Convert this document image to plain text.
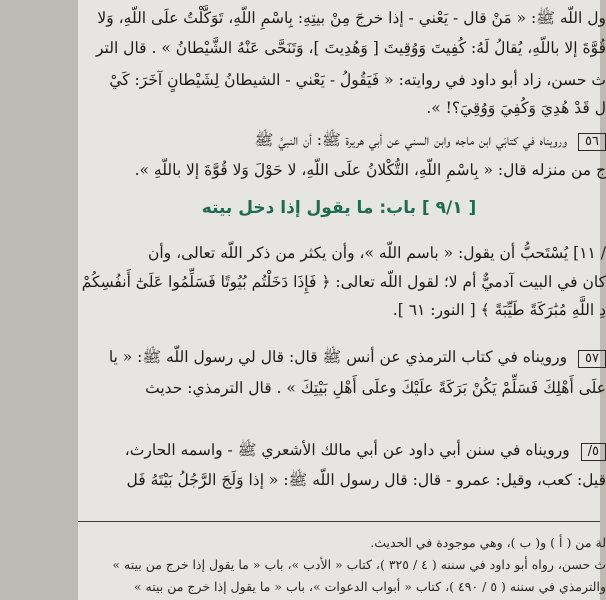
ول اللّه ﷺ: « مَنْ قال - يَعْني - إذا خرجَ مِنْ بيتِهِ: بِاسْمِ اللّهِ، تَوَكَّلْتُ علَى اللّهِ، وَلا
قُوَّةَ إلا باللّهِ، يُقالُ لَهُ: كُفِيتَ وَوُقِيتَ [ وَهُدِيتَ ]، وَتَنَحَّى عَنْهُ الشَّيْطانُ » . قال التر
ث حسن، زاد أبو داود في روايته: « فَيَقُولُ - يَعْني - الشيطانُ لِشَيْطانٍ آخَرَ: كَيْ
ل قَدْ هُدِيَ وَكُفِيَ وَوُقِيَ؟! ».
٥٦ ورويناه في كتابَي ابن ماجه وابن السني عن أبي هريرة ﷺ: أن النبيَّ ﷺ
ج من منزله قال: « بِاسْمِ اللّهِ، التُّكْلانُ علَى اللّهِ، لا حَوْلَ وَلا قُوَّةَ إلا باللّهِ ».
[ ٩/١ ] باب: ما يقول إذا دخل بيته
/ ١١] يُسْتَحبُّ أن يقول: « باسم اللّه »، وأن يكثر من ذكر اللّه تعالى، وأن
كان في البيت آدميٌّ أم لا؛ لقول اللّه تعالى: ﴿ فَإِذَا دَخَلْتُم بُيُوتًا فَسَلِّمُوا عَلَىٰٓ أَنفُسِكُمْ
دِ اللَّهِ مُبَٰرَكَةً طَيِّبَةً ﴾ [ النور: ٦١ ].
٥٧ ورويناه في كتاب الترمذي عن أنس ﷺ قال: قال لي رسول اللّه ﷺ: « يا
علَى أَهْلِكَ فَسَلِّمْ يَكُنْ بَرَكَةً علَيْكَ وعلَى أَهْلِ بَيْتِكَ » . قال الترمذي: حديث
٥/ ورويناه في سنن أبي داود عن أبي مالك الأشعري ﷺ - واسمه الحارث،
قيل: كعب، وقيل: عمرو - قال: قال رسول اللّه ﷺ: « إذا وَلَجَ الرَّجُلُ بَيْتَهُ فَل
لة من ( أ ) و( ب )، وهي موجودة في الحديث.
ث حسن، رواه أبو داود في سننه ( ٤ / ٣٢٥ )، كتاب « الأدب »، باب « ما يقول إذا خرج من بيته »
والترمذي في سننه ( ٥ / ٤٩٠ )، كتاب « أبواب الدعوات »، باب « ما يقول إذا خرج من بيته »
